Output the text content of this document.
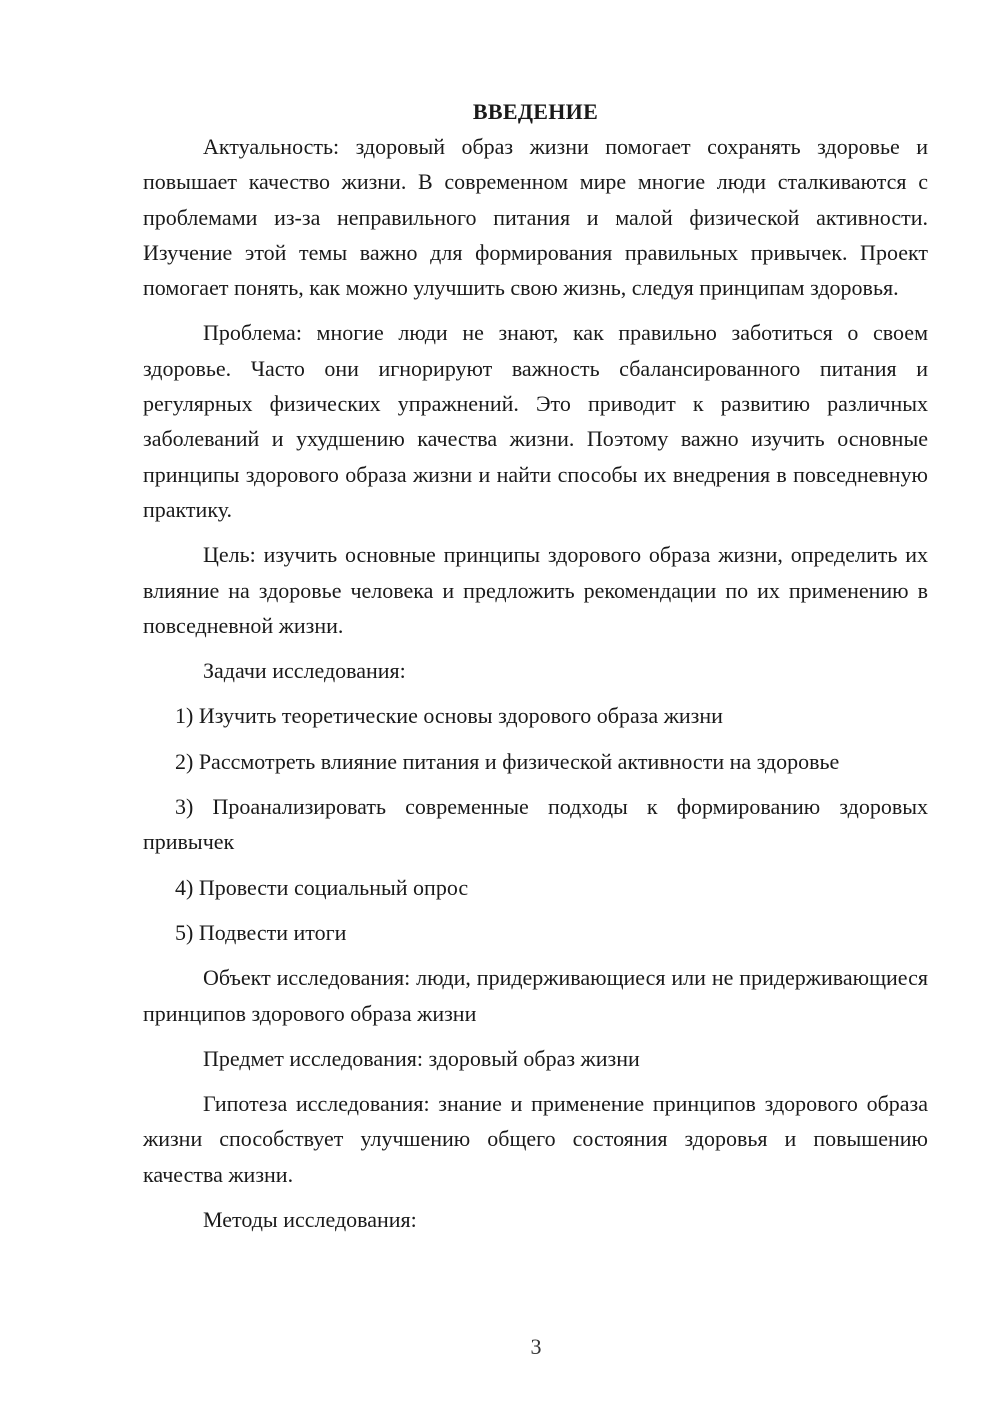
ВВЕДЕНИЕ

Актуальность: здоровый образ жизни помогает сохранять здоровье и повышает качество жизни. В современном мире многие люди сталкиваются с проблемами из-за неправильного питания и малой физической активности. Изучение этой темы важно для формирования правильных привычек. Проект помогает понять, как можно улучшить свою жизнь, следуя принципам здоровья.

Проблема: многие люди не знают, как правильно заботиться о своем здоровье. Часто они игнорируют важность сбалансированного питания и регулярных физических упражнений. Это приводит к развитию различных заболеваний и ухудшению качества жизни. Поэтому важно изучить основные принципы здорового образа жизни и найти способы их внедрения в повседневную практику.

Цель: изучить основные принципы здорового образа жизни, определить их влияние на здоровье человека и предложить рекомендации по их применению в повседневной жизни.

Задачи исследования:

1) Изучить теоретические основы здорового образа жизни

2) Рассмотреть влияние питания и физической активности на здоровье

3) Проанализировать современные подходы к формированию здоровых привычек

4) Провести социальный опрос

5) Подвести итоги

Объект исследования: люди, придерживающиеся или не придерживающиеся принципов здорового образа жизни

Предмет исследования: здоровый образ жизни

Гипотеза исследования: знание и применение принципов здорового образа жизни способствует улучшению общего состояния здоровья и повышению качества жизни.

Методы исследования:

3
